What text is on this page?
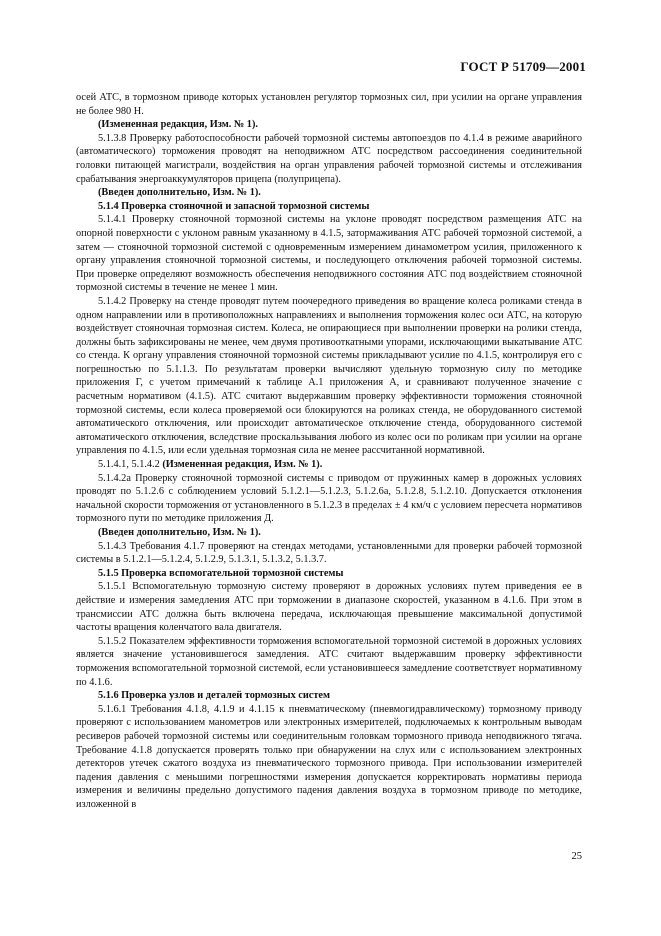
ГОСТ Р 51709—2001

осей АТС, в тормозном приводе которых установлен регулятор тормозных сил, при усилии на органе управления не более 980 Н.

(Измененная редакция, Изм. № 1).

5.1.3.8 Проверку работоспособности рабочей тормозной системы автопоездов по 4.1.4 в режиме аварийного (автоматического) торможения проводят на неподвижном АТС посредством рассоединения соединительной головки питающей магистрали, воздействия на орган управления рабочей тормозной системы и отслеживания срабатывания энергоаккумуляторов прицепа (полуприцепа).

(Введен дополнительно, Изм. № 1).

5.1.4 Проверка стояночной и запасной тормозной системы

5.1.4.1 Проверку стояночной тормозной системы на уклоне проводят посредством размещения АТС на опорной поверхности с уклоном равным указанному в 4.1.5, затормаживания АТС рабочей тормозной системой, а затем — стояночной тормозной системой с одновременным измерением динамометром усилия, приложенного к органу управления стояночной тормозной системы, и последующего отключения рабочей тормозной системы. При проверке определяют возможность обеспечения неподвижного состояния АТС под воздействием стояночной тормозной системы в течение не менее 1 мин.

5.1.4.2 Проверку на стенде проводят путем поочередного приведения во вращение колеса роликами стенда в одном направлении или в противоположных направлениях и выполнения торможения колес оси АТС, на которую воздействует стояночная тормозная систем. Колеса, не опирающиеся при выполнении проверки на ролики стенда, должны быть зафиксированы не менее, чем двумя противооткатными упорами, исключающими выкатывание АТС со стенда. К органу управления стояночной тормозной системы прикладывают усилие по 4.1.5, контролируя его с погрешностью по 5.1.1.3. По результатам проверки вычисляют удельную тормозную силу по методике приложения Г, с учетом примечаний к таблице А.1 приложения А, и сравнивают полученное значение с расчетным нормативом (4.1.5). АТС считают выдержавшим проверку эффективности торможения стояночной тормозной системы, если колеса проверяемой оси блокируются на роликах стенда, не оборудованного системой автоматического отключения, или происходит автоматическое отключение стенда, оборудованного системой автоматического отключения, вследствие проскальзывания любого из колес оси по роликам при усилии на органе управления по 4.1.5, или если удельная тормозная сила не менее рассчитанной нормативной.

5.1.4.1, 5.1.4.2 (Измененная редакция, Изм. № 1).

5.1.4.2а Проверку стояночной тормозной системы с приводом от пружинных камер в дорожных условиях проводят по 5.1.2.6 с соблюдением условий 5.1.2.1—5.1.2.3, 5.1.2.6а, 5.1.2.8, 5.1.2.10. Допускается отклонения начальной скорости торможения от установленного в 5.1.2.3 в пределах ± 4 км/ч с условием пересчета нормативов тормозного пути по методике приложения Д.

(Введен дополнительно, Изм. № 1).

5.1.4.3 Требования 4.1.7 проверяют на стендах методами, установленными для проверки рабочей тормозной системы в 5.1.2.1—5.1.2.4, 5.1.2.9, 5.1.3.1, 5.1.3.2, 5.1.3.7.

5.1.5 Проверка вспомогательной тормозной системы

5.1.5.1 Вспомогательную тормозную систему проверяют в дорожных условиях путем приведения ее в действие и измерения замедления АТС при торможении в диапазоне скоростей, указанном в 4.1.6. При этом в трансмиссии АТС должна быть включена передача, исключающая превышение максимальной допустимой частоты вращения коленчатого вала двигателя.

5.1.5.2 Показателем эффективности торможения вспомогательной тормозной системой в дорожных условиях является значение установившегося замедления. АТС считают выдержавшим проверку эффективности торможения вспомогательной тормозной системой, если установившееся замедление соответствует нормативному по 4.1.6.

5.1.6 Проверка узлов и деталей тормозных систем

5.1.6.1 Требования 4.1.8, 4.1.9 и 4.1.15 к пневматическому (пневмогидравлическому) тормозному приводу проверяют с использованием манометров или электронных измерителей, подключаемых к контрольным выводам ресиверов рабочей тормозной системы или соединительным головкам тормозного привода неподвижного тягача. Требование 4.1.8 допускается проверять только при обнаружении на слух или с использованием электронных детекторов утечек сжатого воздуха из пневматического тормозного привода. При использовании измерителей падения давления с меньшими погрешностями измерения допускается корректировать нормативы периода измерения и величины предельно допустимого падения давления воздуха в тормозном приводе по методике, изложенной в

25
